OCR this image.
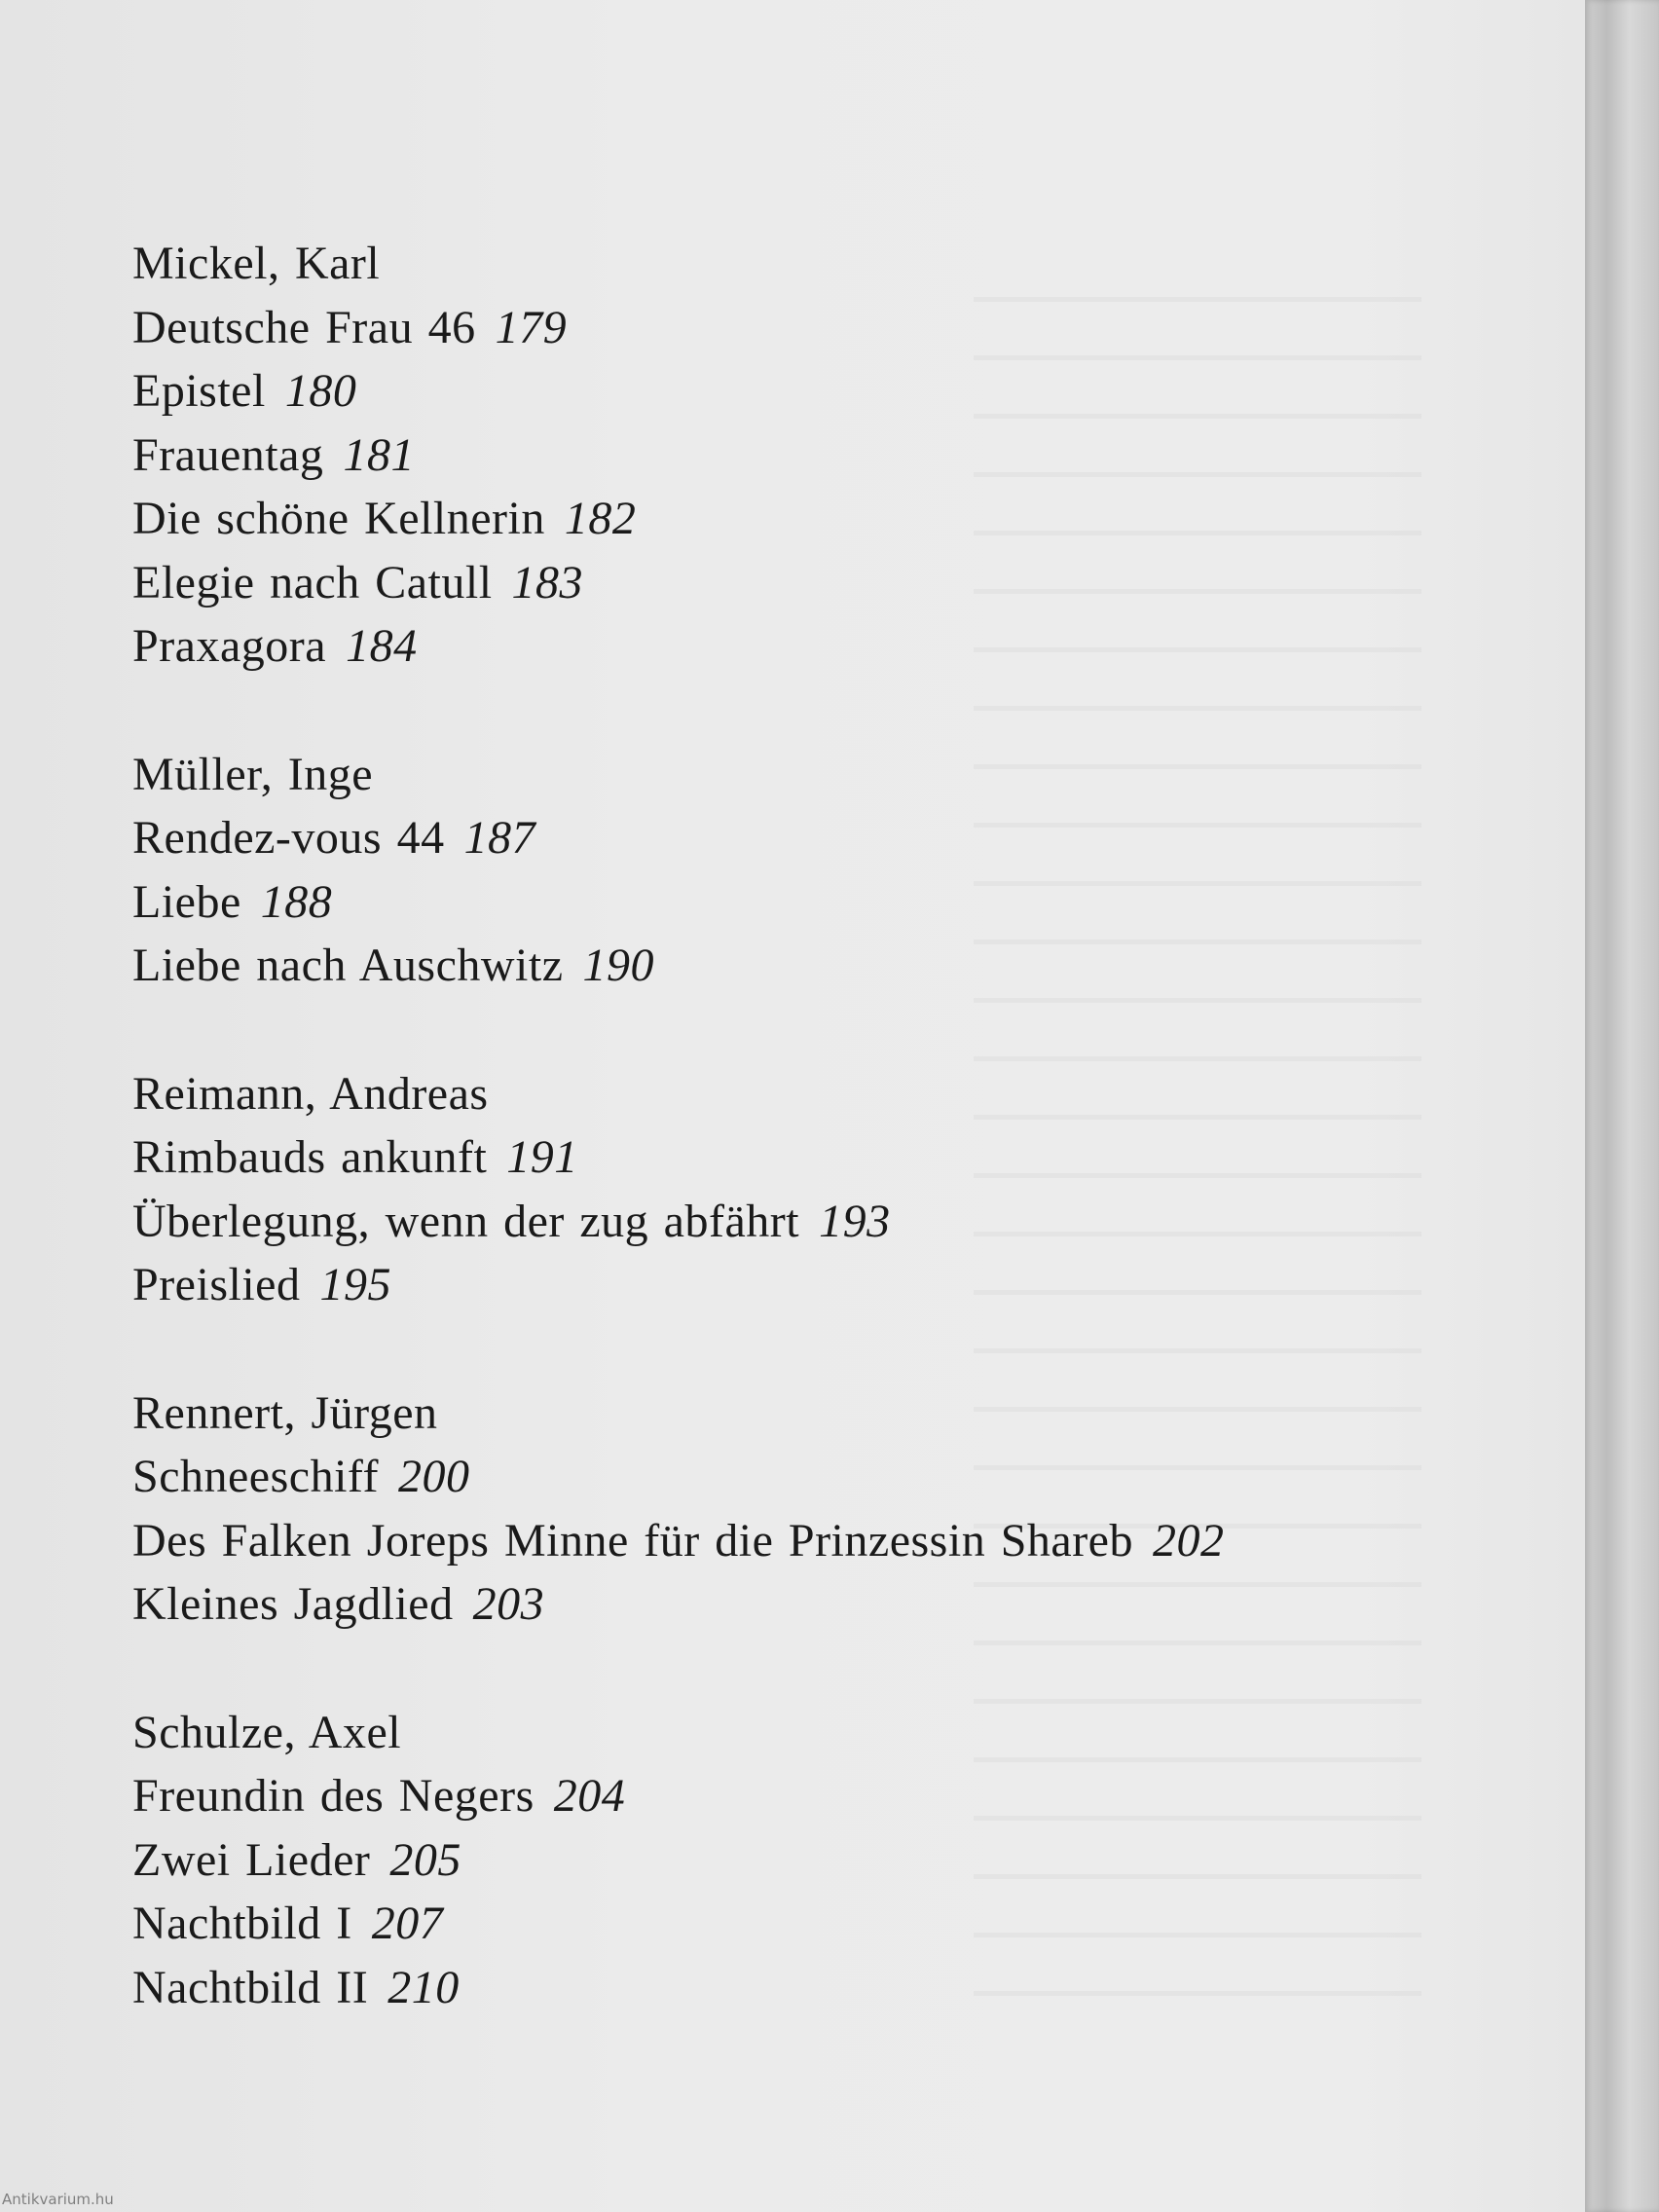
Mickel, Karl
Deutsche Frau 46 179
Epistel 180
Frauentag 181
Die schöne Kellnerin 182
Elegie nach Catull 183
Praxagora 184
Müller, Inge
Rendez-vous 44 187
Liebe 188
Liebe nach Auschwitz 190
Reimann, Andreas
Rimbauds ankunft 191
Überlegung, wenn der zug abfährt 193
Preislied 195
Rennert, Jürgen
Schneeschiff 200
Des Falken Joreps Minne für die Prinzessin Shareb 202
Kleines Jagdlied 203
Schulze, Axel
Freundin des Negers 204
Zwei Lieder 205
Nachtbild I 207
Nachtbild II 210
Antikvarium.hu
